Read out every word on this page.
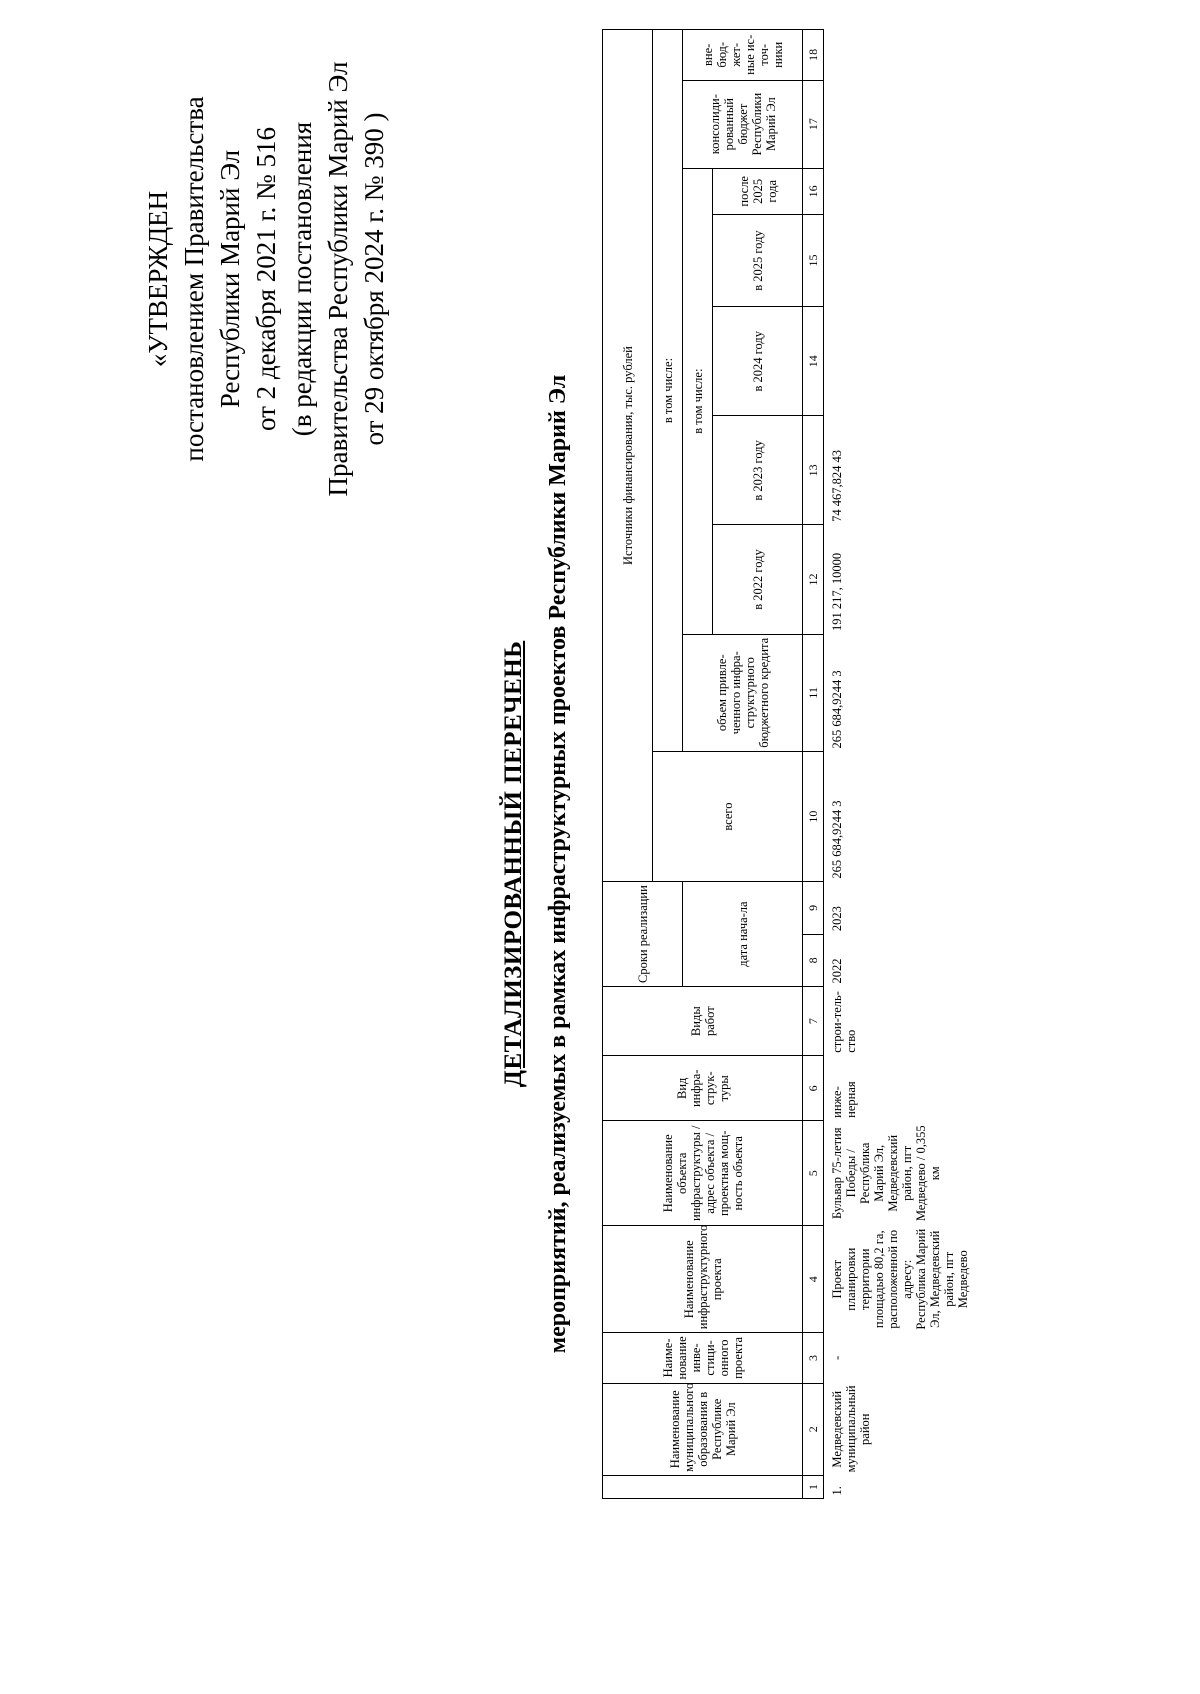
«УТВЕРЖДЕН постановлением Правительства Республики Марий Эл от 2 декабря 2021 г. № 516 (в редакции постановления Правительства Республики Марий Эл от 29 октября 2024 г. № 390 )
ДЕТАЛИЗИРОВАННЫЙ ПЕРЕЧЕНЬ мероприятий, реализуемых в рамках инфраструктурных проектов Республики Марий Эл
	Наименование муниципального образования в Республике Марий Эл	Наиме-нование инве-стици-онного проекта	Наименование инфраструктурного проекта	Наименование объекта инфраструктуры / адрес объекта / проектная мощ-ность объекта	Вид инфра-струк-туры	Виды работ	Сроки реализации		Источники финансирования, тыс. рублей								
									всего	в том числе:							
							дата нача-ла			объем привле-ченного инфра-структурного бюджетного кредита	в том числе:					консолиди-рованный бюджет Республики Марий Эл	вне-бюд-жет-ные ис-точ-ники
											в 2022 году	в 2023 году	в 2024 году	в 2025 году	после 2025 года		
1	2	3	4	5	6	7	8	9	10	11	12	13	14	15	16	17	18
1.	Медведевский муниципальный район	-	Проект планировки территории площадью 80,2 га, расположенной по адресу: Республика Марий Эл, Медведевский район, пгт Медведево	Бульвар 75-летия Победы / Республика Марий Эл, Медведевский район, пгт Медведево / 0,355 км	инже-нерная	строи-тель-ство	2022	2023	265 684,9244 3	265 684,9244 3	191 217, 10000	74 467,824 43					
